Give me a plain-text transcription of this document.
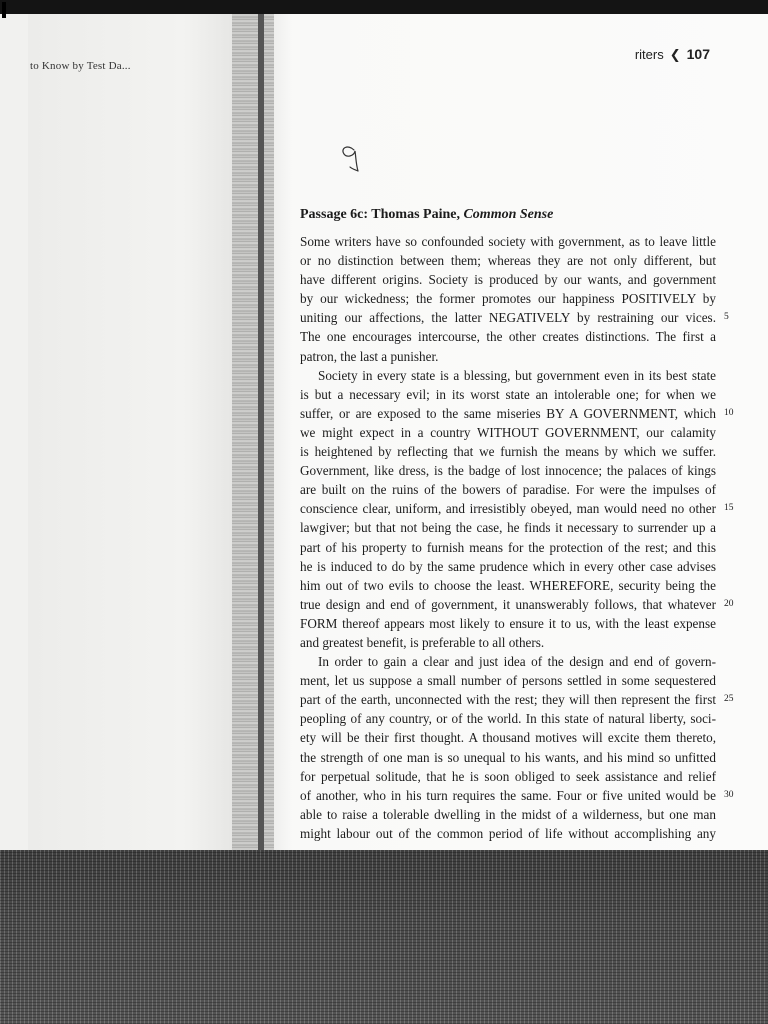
to Know by Test Da...
riters ❮ 107
Passage 6c: Thomas Paine, Common Sense
Some writers have so confounded society with government, as to leave little
or no distinction between them; whereas they are not only different, but
have different origins. Society is produced by our wants, and government
by our wickedness; the former promotes our happiness POSITIVELY by
uniting our affections, the latter NEGATIVELY by restraining our vices. 5
The one encourages intercourse, the other creates distinctions. The first a
patron, the last a punisher.
Society in every state is a blessing, but government even in its best state
is but a necessary evil; in its worst state an intolerable one; for when we
suffer, or are exposed to the same miseries BY A GOVERNMENT, which 10
we might expect in a country WITHOUT GOVERNMENT, our calamity
is heightened by reflecting that we furnish the means by which we suffer.
Government, like dress, is the badge of lost innocence; the palaces of kings
are built on the ruins of the bowers of paradise. For were the impulses of
conscience clear, uniform, and irresistibly obeyed, man would need no other 15
lawgiver; but that not being the case, he finds it necessary to surrender up a
part of his property to furnish means for the protection of the rest; and this
he is induced to do by the same prudence which in every other case advises
him out of two evils to choose the least. WHEREFORE, security being the
true design and end of government, it unanswerably follows, that whatever 20
FORM thereof appears most likely to ensure it to us, with the least expense
and greatest benefit, is preferable to all others.
In order to gain a clear and just idea of the design and end of govern-
ment, let us suppose a small number of persons settled in some sequestered
part of the earth, unconnected with the rest; they will then represent the first 25
peopling of any country, or of the world. In this state of natural liberty, soci-
ety will be their first thought. A thousand motives will excite them thereto,
the strength of one man is so unequal to his wants, and his mind so unfitted
for perpetual solitude, that he is soon obliged to seek assistance and relief
of another, who in his turn requires the same. Four or five united would be 30
able to raise a tolerable dwelling in the midst of a wilderness, but one man
might labour out of the common period of life without accomplishing any
